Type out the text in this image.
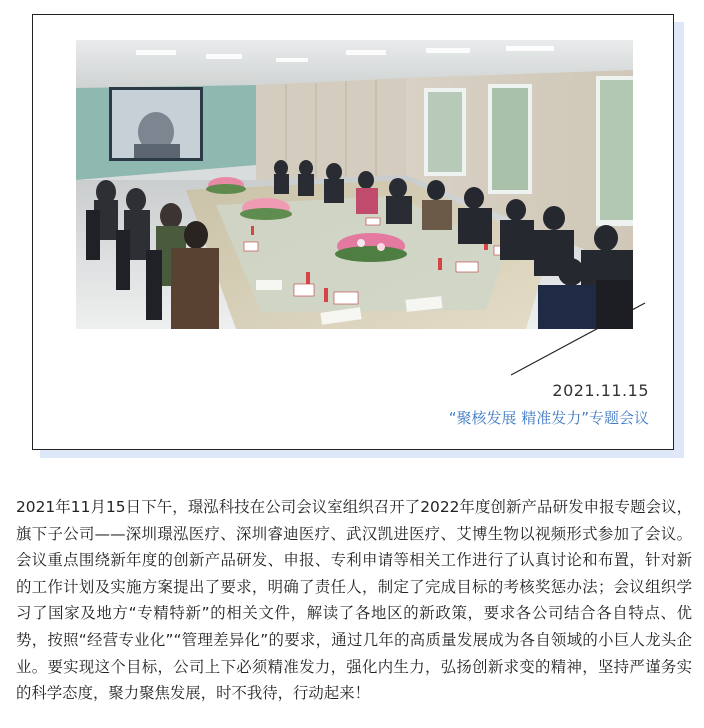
2021.11.15
“聚核发展 精准发力”专题会议

2021年11月15日下午，璟泓科技在公司会议室组织召开了2022年度创新产品研发申报专题会议，旗下子公司——深圳璟泓医疗、深圳睿迪医疗、武汉凯进医疗、艾博生物以视频形式参加了会议。会议重点围绕新年度的创新产品研发、申报、专利申请等相关工作进行了认真讨论和布置，针对新的工作计划及实施方案提出了要求，明确了责任人，制定了完成目标的考核奖惩办法；会议组织学习了国家及地方“专精特新”的相关文件，解读了各地区的新政策，要求各公司结合各自特点、优势，按照“经营专业化”“管理差异化”的要求，通过几年的高质量发展成为各自领域的小巨人龙头企业。要实现这个目标，公司上下必须精准发力，强化内生力，弘扬创新求变的精神，坚持严谨务实的科学态度，聚力聚焦发展，时不我待，行动起来！
